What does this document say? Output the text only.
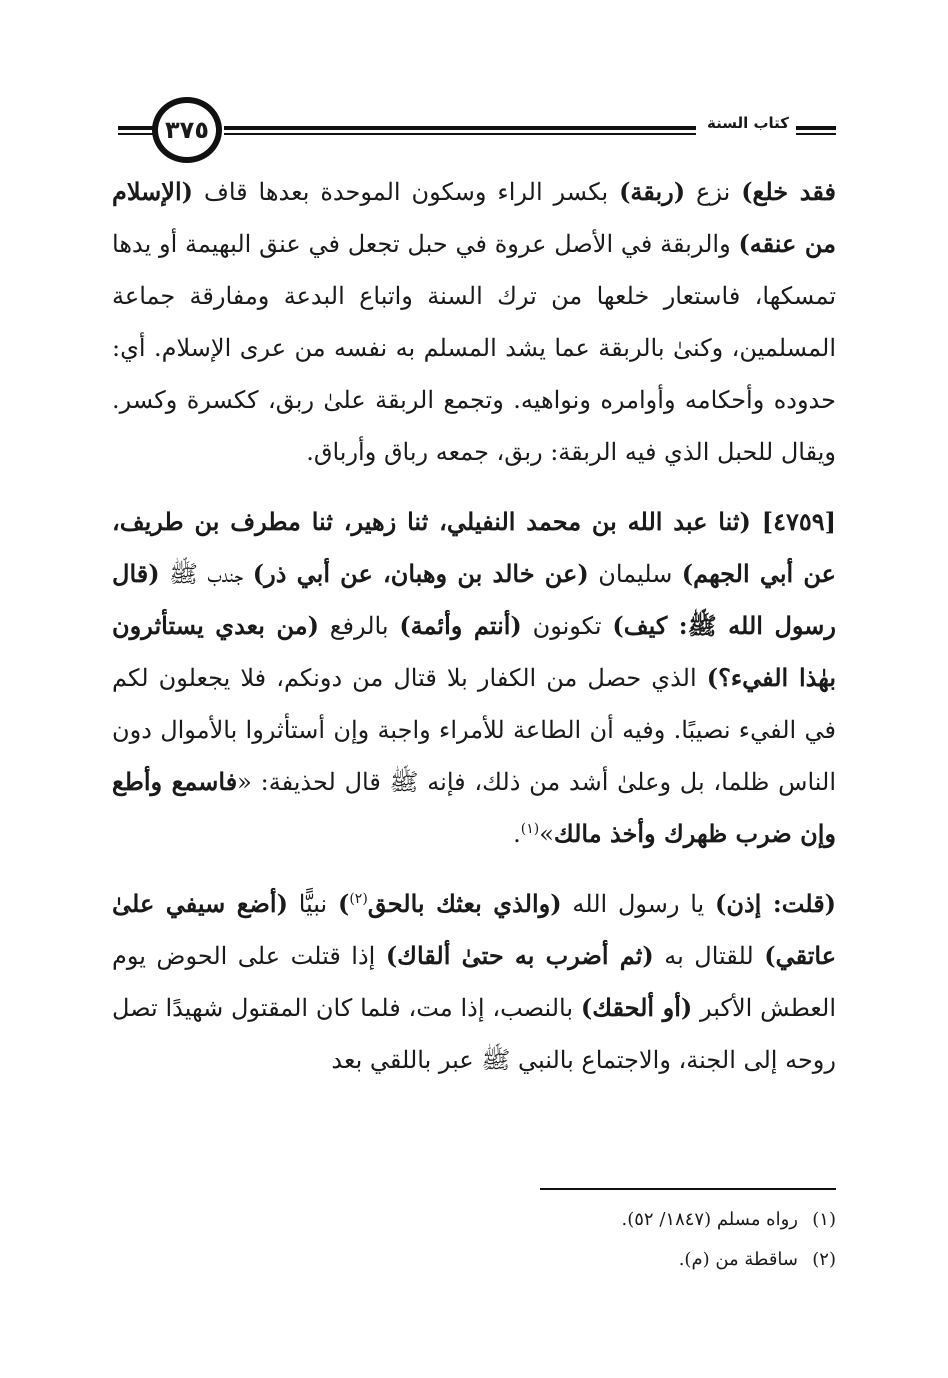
٣٧٥	كتاب السنة

فقد خلع) نزع (ربقة) بكسر الراء وسكون الموحدة بعدها قاف (الإسلام من عنقه) والربقة في الأصل عروة في حبل تجعل في عنق البهيمة أو يدها تمسكها، فاستعار خلعها من ترك السنة واتباع البدعة ومفارقة جماعة المسلمين، وكنىٰ بالربقة عما يشد المسلم به نفسه من عرى الإسلام. أي: حدوده وأحكامه وأوامره ونواهيه. وتجمع الربقة علىٰ ربق، ككسرة وكسر. ويقال للحبل الذي فيه الربقة: ربق، جمعه رباق وأرباق.

[٤٧٥٩] (ثنا عبد الله بن محمد النفيلي، ثنا زهير، ثنا مطرف بن طريف، عن أبي الجهم) سليمان (عن خالد بن وهبان، عن أبي ذر) جندب ﷺ (قال رسول الله ﷺ: كيف) تكونون (أنتم وأئمة) بالرفع (من بعدي يستأثرون بهٰذا الفيء؟) الذي حصل من الكفار بلا قتال من دونكم، فلا يجعلون لكم في الفيء نصيبًا. وفيه أن الطاعة للأمراء واجبة وإن أستأثروا بالأموال دون الناس ظلما، بل وعلىٰ أشد من ذلك، فإنه ﷺ قال لحذيفة: «فاسمع وأطع وإن ضرب ظهرك وأخذ مالك»$^{(١)}$.

(قلت: إذن) يا رسول الله (والذي بعثك بالحق$^{(٢)}$) نبيًّا (أضع سيفي علىٰ عاتقي) للقتال به (ثم أضرب به حتىٰ ألقاك) إذا قتلت على الحوض يوم العطش الأكبر (أو ألحقك) بالنصب، إذا مت، فلما كان المقتول شهيدًا تصل روحه إلى الجنة، والاجتماع بالنبي ﷺ عبر باللقي بعد

(١)رواه مسلم (١٨٤٧/ ٥٢).
(٢)ساقطة من (م).
